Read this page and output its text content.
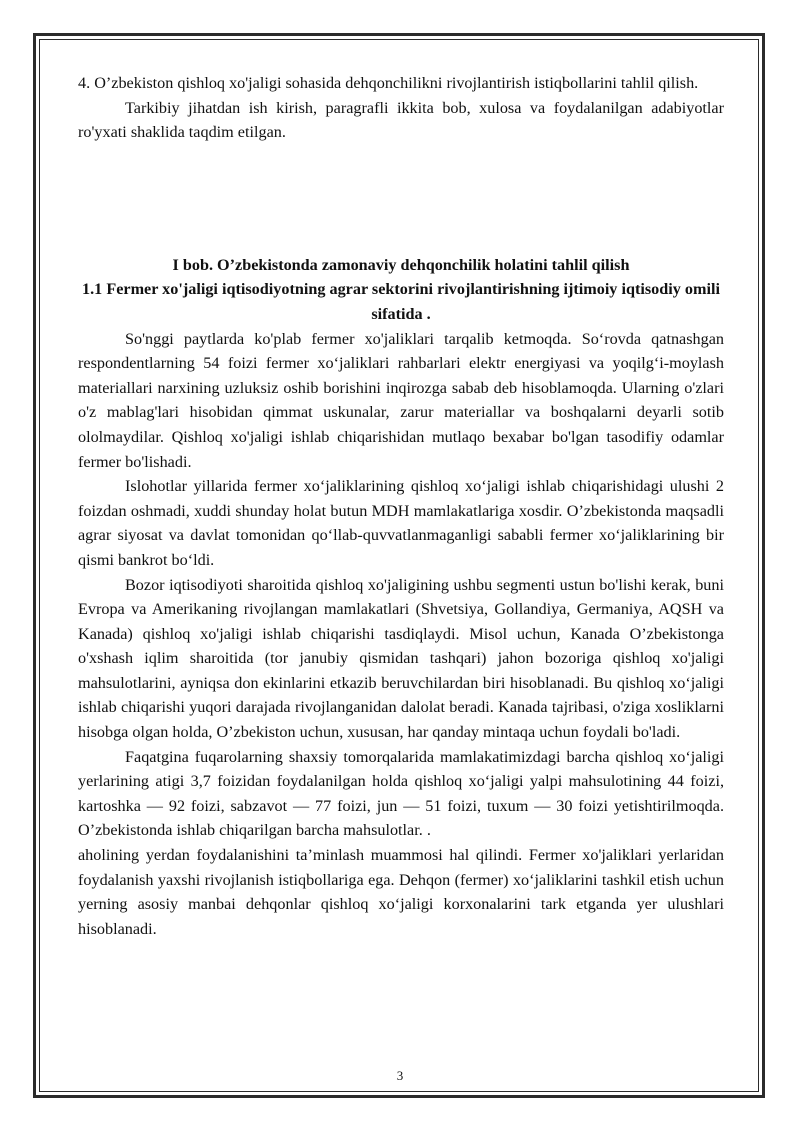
4. O’zbekiston qishloq xo'jaligi sohasida dehqonchilikni rivojlantirish istiqbollarini tahlil qilish.

Tarkibiy jihatdan ish kirish, paragrafli ikkita bob, xulosa va foydalanilgan adabiyotlar ro'yxati shaklida taqdim etilgan.

I bob. O’zbekistonda zamonaviy dehqonchilik holatini tahlil qilish
1.1 Fermer xo'jaligi iqtisodiyotning agrar sektorini rivojlantirishning ijtimoiy iqtisodiy omili sifatida .

So'nggi paytlarda ko'plab fermer xo'jaliklari tarqalib ketmoqda. So‘rovda qatnashgan respondentlarning 54 foizi fermer xo‘jaliklari rahbarlari elektr energiyasi va yoqilg‘i-moylash materiallari narxining uzluksiz oshib borishini inqirozga sabab deb hisoblamoqda. Ularning o'zlari o'z mablag'lari hisobidan qimmat uskunalar, zarur materiallar va boshqalarni deyarli sotib ololmaydilar. Qishloq xo'jaligi ishlab chiqarishidan mutlaqo bexabar bo'lgan tasodifiy odamlar fermer bo'lishadi.

Islohotlar yillarida fermer xo‘jaliklarining qishloq xo‘jaligi ishlab chiqarishidagi ulushi 2 foizdan oshmadi, xuddi shunday holat butun MDH mamlakatlariga xosdir. O’zbekistonda maqsadli agrar siyosat va davlat tomonidan qo‘llab-quvvatlanmaganligi sababli fermer xo‘jaliklarining bir qismi bankrot bo‘ldi.

Bozor iqtisodiyoti sharoitida qishloq xo'jaligining ushbu segmenti ustun bo'lishi kerak, buni Evropa va Amerikaning rivojlangan mamlakatlari (Shvetsiya, Gollandiya, Germaniya, AQSH va Kanada) qishloq xo'jaligi ishlab chiqarishi tasdiqlaydi. Misol uchun, Kanada O’zbekistonga o'xshash iqlim sharoitida (tor janubiy qismidan tashqari) jahon bozoriga qishloq xo'jaligi mahsulotlarini, ayniqsa don ekinlarini etkazib beruvchilardan biri hisoblanadi. Bu qishloq xo‘jaligi ishlab chiqarishi yuqori darajada rivojlanganidan dalolat beradi. Kanada tajribasi, o'ziga xosliklarni hisobga olgan holda, O’zbekiston uchun, xususan, har qanday mintaqa uchun foydali bo'ladi.

Faqatgina fuqarolarning shaxsiy tomorqalarida mamlakatimizdagi barcha qishloq xo‘jaligi yerlarining atigi 3,7 foizidan foydalanilgan holda qishloq xo‘jaligi yalpi mahsulotining 44 foizi, kartoshka — 92 foizi, sabzavot — 77 foizi, jun — 51 foizi, tuxum — 30 foizi yetishtirilmoqda. O’zbekistonda ishlab chiqarilgan barcha mahsulotlar. .

aholining yerdan foydalanishini ta’minlash muammosi hal qilindi. Fermer xo'jaliklari yerlaridan foydalanish yaxshi rivojlanish istiqbollariga ega. Dehqon (fermer) xo‘jaliklarini tashkil etish uchun yerning asosiy manbai dehqonlar qishloq xo‘jaligi korxonalarini tark etganda yer ulushlari hisoblanadi.

3
